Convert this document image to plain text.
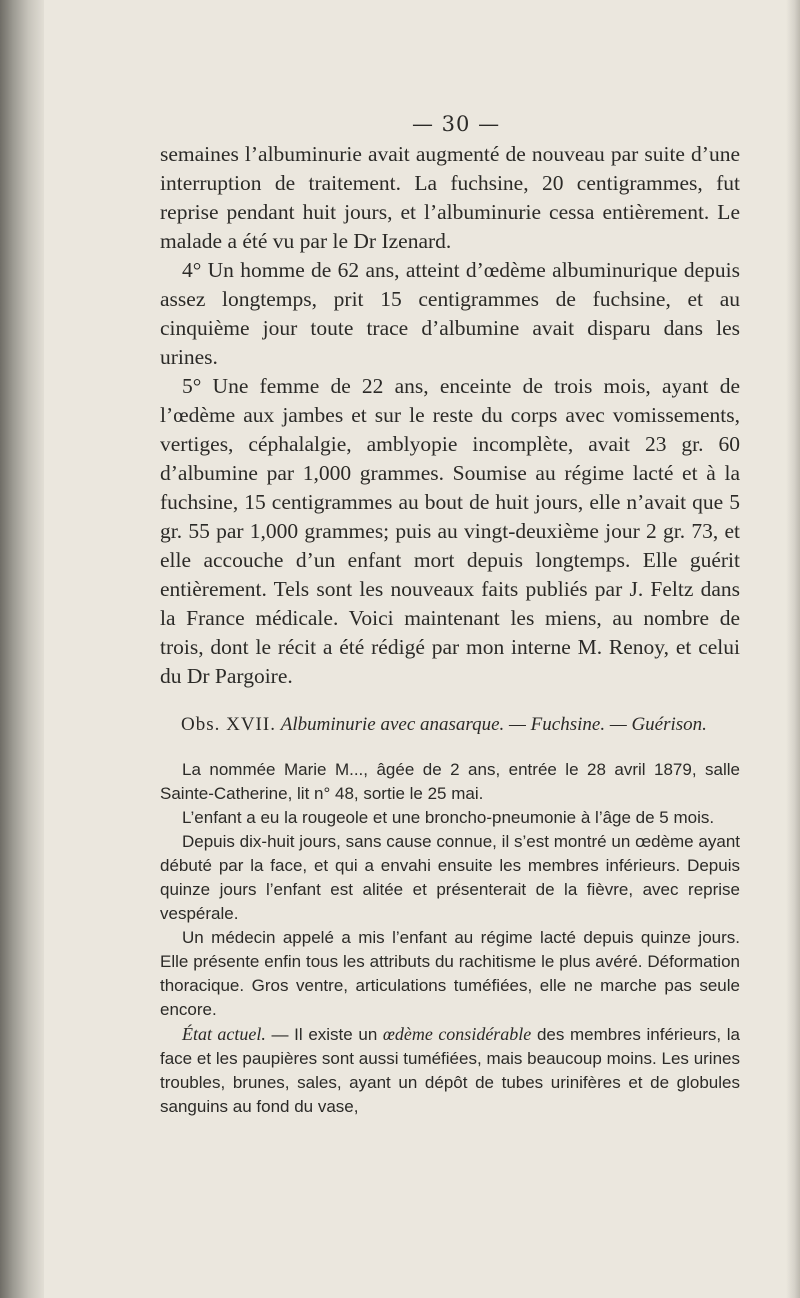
— 30 —

semaines l’albuminurie avait augmenté de nouveau par suite d’une interruption de traitement. La fuchsine, 20 centigrammes, fut reprise pendant huit jours, et l’albuminurie cessa entièrement. Le malade a été vu par le Dr Izenard.

4° Un homme de 62 ans, atteint d’œdème albuminurique depuis assez longtemps, prit 15 centigrammes de fuchsine, et au cinquième jour toute trace d’albumine avait disparu dans les urines.

5° Une femme de 22 ans, enceinte de trois mois, ayant de l’œdème aux jambes et sur le reste du corps avec vomissements, vertiges, céphalalgie, amblyopie incomplète, avait 23 gr. 60 d’albumine par 1,000 grammes. Soumise au régime lacté et à la fuchsine, 15 centigrammes au bout de huit jours, elle n’avait que 5 gr. 55 par 1,000 grammes; puis au vingt-deuxième jour 2 gr. 73, et elle accouche d’un enfant mort depuis longtemps. Elle guérit entièrement. Tels sont les nouveaux faits publiés par J. Feltz dans la France médicale. Voici maintenant les miens, au nombre de trois, dont le récit a été rédigé par mon interne M. Renoy, et celui du Dr Pargoire.

Obs. XVII. Albuminurie avec anasarque. — Fuchsine. — Guérison.

La nommée Marie M..., âgée de 2 ans, entrée le 28 avril 1879, salle Sainte-Catherine, lit n° 48, sortie le 25 mai.

L’enfant a eu la rougeole et une broncho-pneumonie à l’âge de 5 mois.

Depuis dix-huit jours, sans cause connue, il s’est montré un œdème ayant débuté par la face, et qui a envahi ensuite les membres inférieurs. Depuis quinze jours l’enfant est alitée et présenterait de la fièvre, avec reprise vespérale.

Un médecin appelé a mis l’enfant au régime lacté depuis quinze jours. Elle présente enfin tous les attributs du rachitisme le plus avéré. Déformation thoracique. Gros ventre, articulations tuméfiées, elle ne marche pas seule encore.

État actuel. — Il existe un œdème considérable des membres inférieurs, la face et les paupières sont aussi tuméfiées, mais beaucoup moins. Les urines troubles, brunes, sales, ayant un dépôt de tubes urinifères et de globules sanguins au fond du vase,
